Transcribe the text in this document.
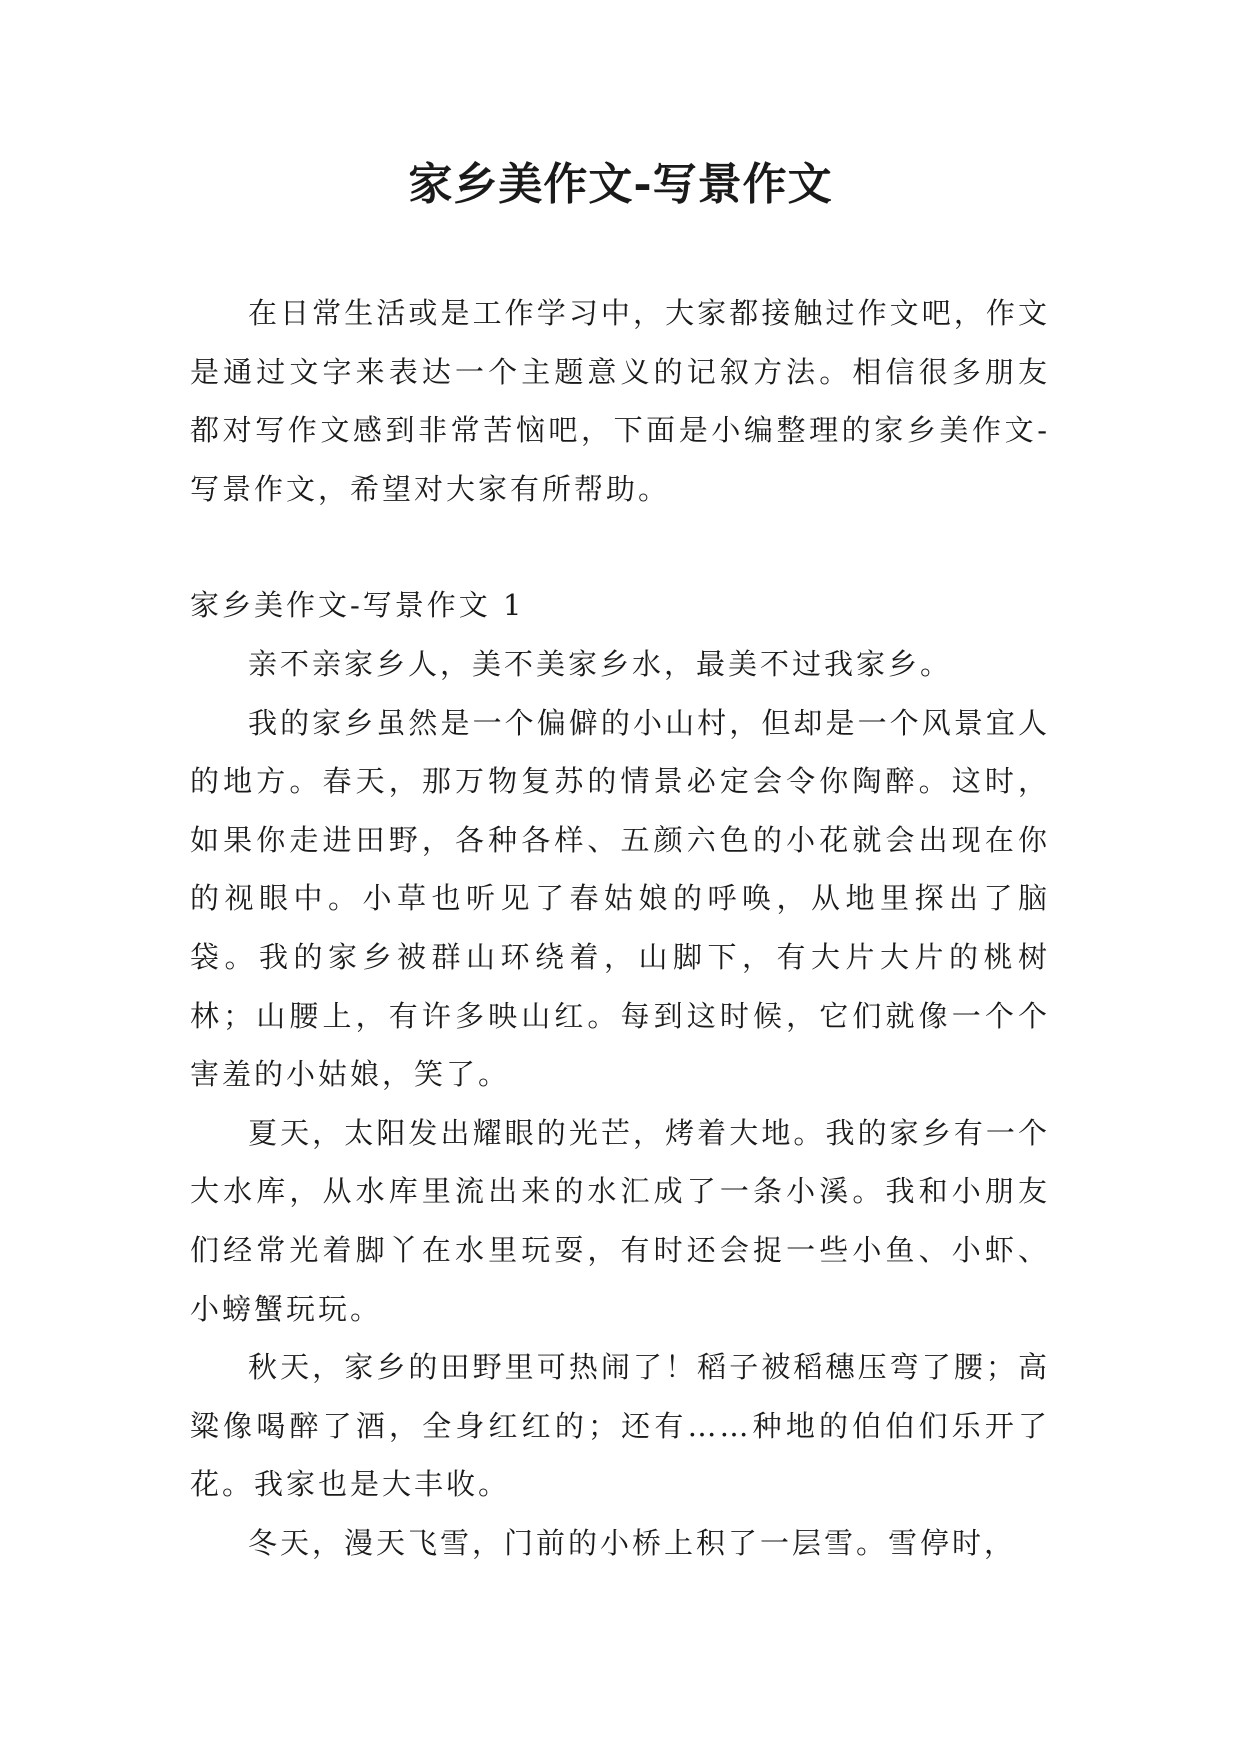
家乡美作文-写景作文

在日常生活或是工作学习中，大家都接触过作文吧，作文是通过文字来表达一个主题意义的记叙方法。相信很多朋友都对写作文感到非常苦恼吧，下面是小编整理的家乡美作文-写景作文，希望对大家有所帮助。

家乡美作文-写景作文 1

亲不亲家乡人，美不美家乡水，最美不过我家乡。

我的家乡虽然是一个偏僻的小山村，但却是一个风景宜人的地方。春天，那万物复苏的情景必定会令你陶醉。这时，如果你走进田野，各种各样、五颜六色的小花就会出现在你的视眼中。小草也听见了春姑娘的呼唤，从地里探出了脑袋。我的家乡被群山环绕着，山脚下，有大片大片的桃树林；山腰上，有许多映山红。每到这时候，它们就像一个个害羞的小姑娘，笑了。

夏天，太阳发出耀眼的光芒，烤着大地。我的家乡有一个大水库，从水库里流出来的水汇成了一条小溪。我和小朋友们经常光着脚丫在水里玩耍，有时还会捉一些小鱼、小虾、小螃蟹玩玩。

秋天，家乡的田野里可热闹了！稻子被稻穗压弯了腰；高粱像喝醉了酒，全身红红的；还有……种地的伯伯们乐开了花。我家也是大丰收。

冬天，漫天飞雪，门前的小桥上积了一层雪。雪停时，
